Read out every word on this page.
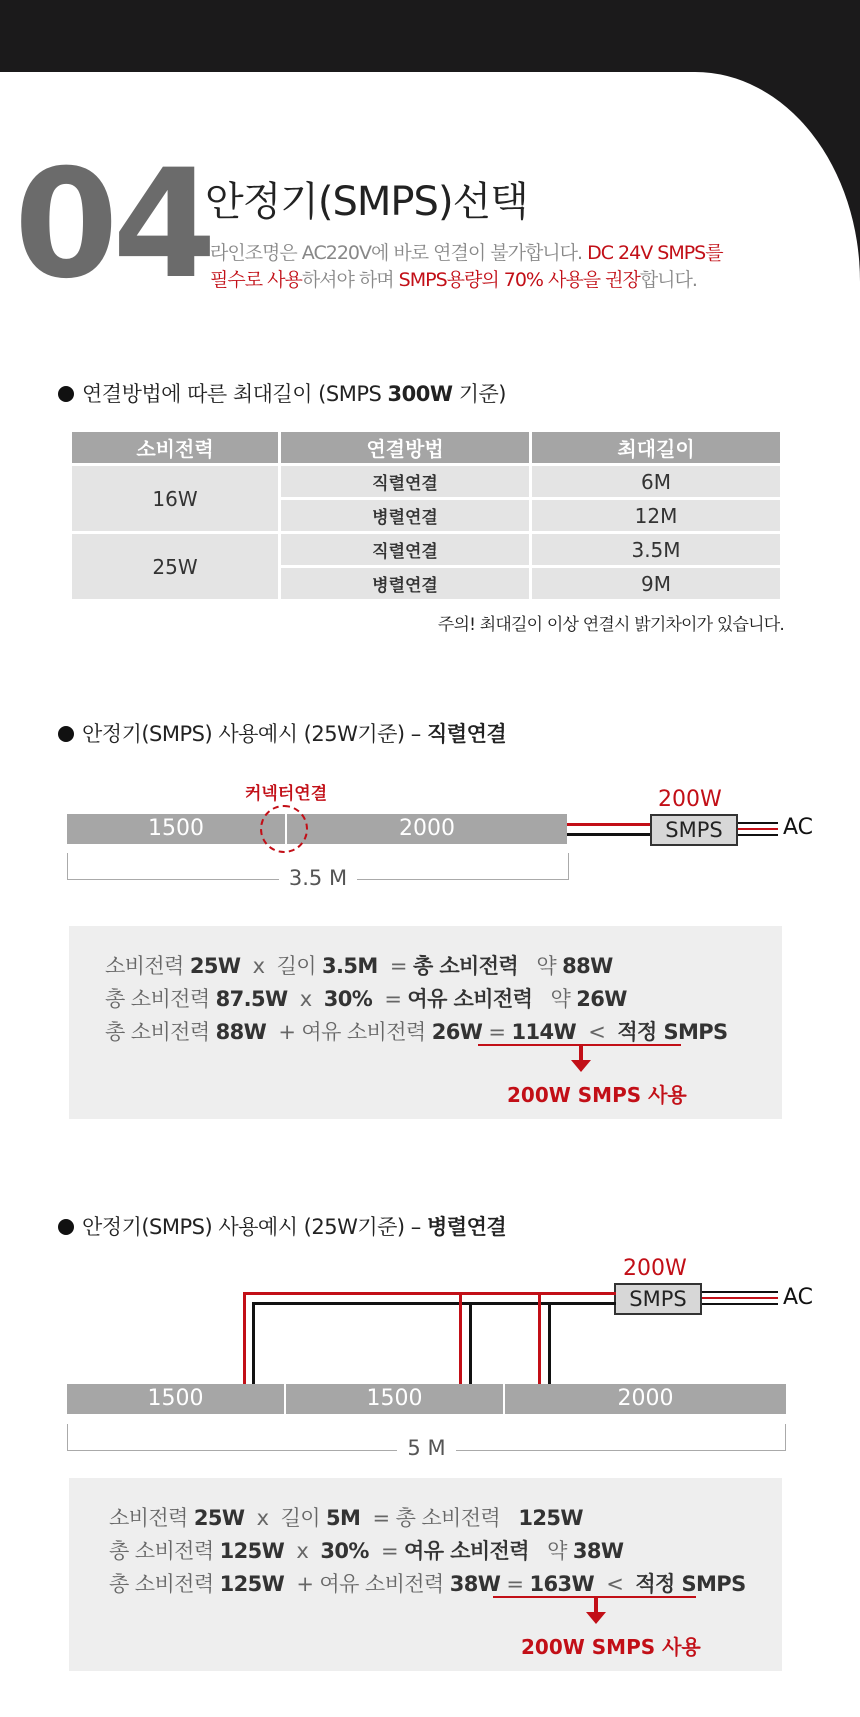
04
안정기(SMPS)선택
라인조명은 AC220V에 바로 연결이 불가합니다. DC 24V SMPS를
필수로 사용하셔야 하며 SMPS용량의 70% 사용을 권장합니다.
연결방법에 따른 최대길이 (SMPS 300W 기준)
소비전력	연결방법	최대길이
16W	직렬연결	6M
	병렬연결	12M
25W	직렬연결	3.5M
	병렬연결	9M
주의! 최대길이 이상 연결시 밝기차이가 있습니다.
안정기(SMPS) 사용예시 (25W기준) – 직렬연결
커넥터연결
1500	2000
200W
SMPS	AC
3.5 M
소비전력 25W x 길이 3.5M = 총 소비전력 약 88W
총 소비전력 87.5W x 30% = 여유 소비전력 약 26W
총 소비전력 88W + 여유 소비전력 26W = 114W < 적정 SMPS
200W SMPS 사용
안정기(SMPS) 사용예시 (25W기준) – 병렬연결
200W
SMPS	AC
1500	1500	2000
5 M
소비전력 25W x 길이 5M = 총 소비전력 125W
총 소비전력 125W x 30% = 여유 소비전력 약 38W
총 소비전력 125W + 여유 소비전력 38W = 163W < 적정 SMPS
200W SMPS 사용
